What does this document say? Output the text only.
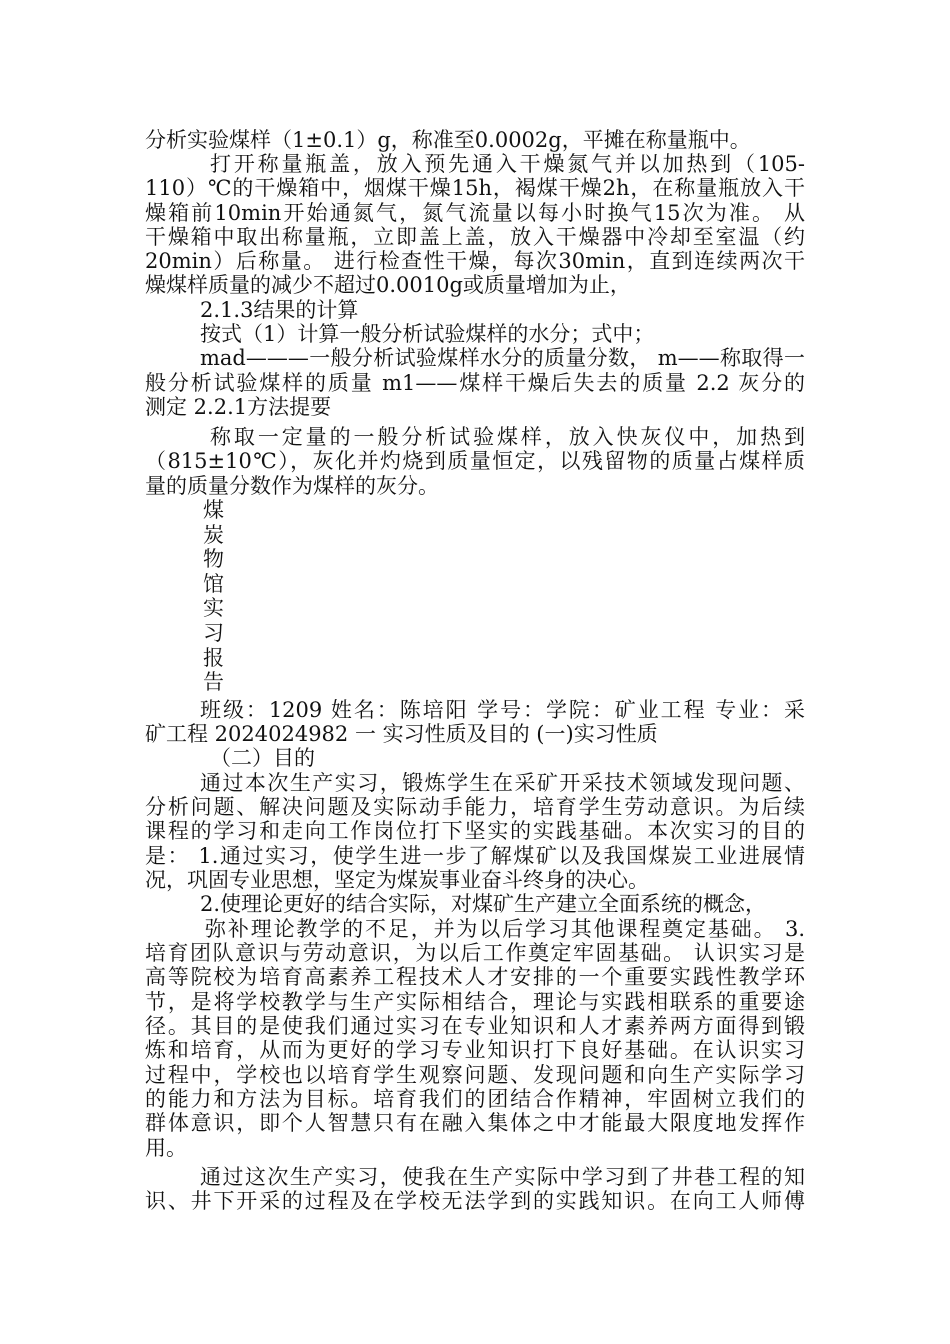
分析实验煤样（1±0.1）g，称准至0.0002g，平摊在称量瓶中。
打开称量瓶盖，放入预先通入干燥氮气并以加热到（105-
110）℃的干燥箱中，烟煤干燥15h，褐煤干燥2h，在称量瓶放入干
燥箱前10min开始通氮气，氮气流量以每小时换气15次为准。 从
干燥箱中取出称量瓶，立即盖上盖，放入干燥器中冷却至室温（约
20min）后称量。 进行检查性干燥，每次30min，直到连续两次干
燥煤样质量的减少不超过0.0010g或质量增加为止，
2.1.3结果的计算
按式（1）计算一般分析试验煤样的水分；式中；
mad———一般分析试验煤样水分的质量分数， m——称取得一
般分析试验煤样的质量 m1——煤样干燥后失去的质量 2.2 灰分的
测定 2.2.1方法提要
称取一定量的一般分析试验煤样，放入快灰仪中，加热到
（815±10℃），灰化并灼烧到质量恒定，以残留物的质量占煤样质
量的质量分数作为煤样的灰分。
煤
炭
物
馆
实
习
报
告
班级：1209 姓名：陈培阳 学号：学院：矿业工程 专业：采
矿工程 2024024982 一 实习性质及目的 (一)实习性质
（二）目的
通过本次生产实习，锻炼学生在采矿开采技术领域发现问题、
分析问题、解决问题及实际动手能力，培育学生劳动意识。为后续
课程的学习和走向工作岗位打下坚实的实践基础。本次实习的目的
是： 1.通过实习，使学生进一步了解煤矿以及我国煤炭工业进展情
况，巩固专业思想，坚定为煤炭事业奋斗终身的决心。
2.使理论更好的结合实际，对煤矿生产建立全面系统的概念，
弥补理论教学的不足，并为以后学习其他课程奠定基础。 3.
培育团队意识与劳动意识，为以后工作奠定牢固基础。 认识实习是
高等院校为培育高素养工程技术人才安排的一个重要实践性教学环
节，是将学校教学与生产实际相结合，理论与实践相联系的重要途
径。其目的是使我们通过实习在专业知识和人才素养两方面得到锻
炼和培育，从而为更好的学习专业知识打下良好基础。在认识实习
过程中，学校也以培育学生观察问题、发现问题和向生产实际学习
的能力和方法为目标。培育我们的团结合作精神，牢固树立我们的
群体意识，即个人智慧只有在融入集体之中才能最大限度地发挥作
用。
通过这次生产实习，使我在生产实际中学习到了井巷工程的知
识、井下开采的过程及在学校无法学到的实践知识。在向工人师傅
